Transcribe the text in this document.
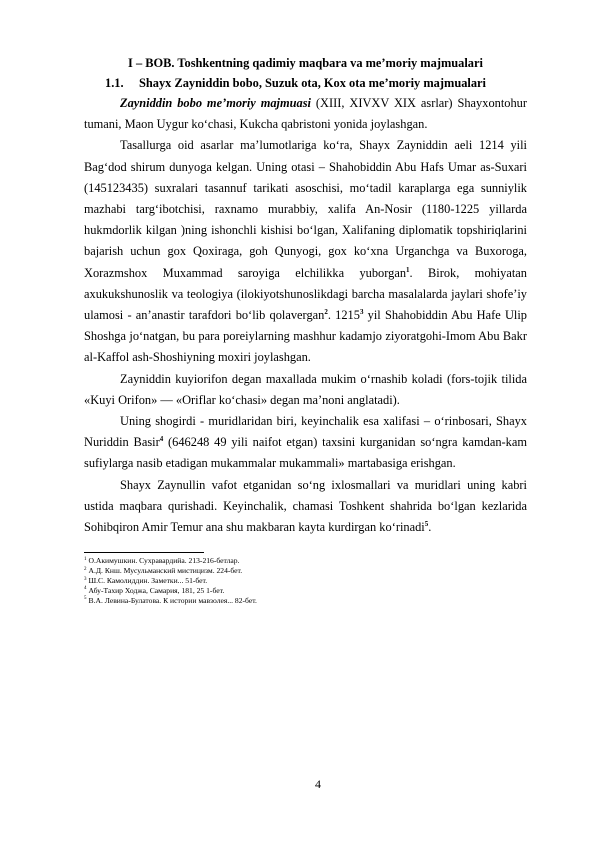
I – BOB. Toshkentning qadimiy maqbara va me’moriy majmualari
1.1. Shayx Zayniddin bobo, Suzuk ota, Kox ota me’moriy majmualari

Zayniddin bobo me’moriy majmuasi (XIII, XIVXV XIX asrlar) Shayxontohur tumani, Maon Uygur ko‘chasi, Kukcha qabristoni yonida joylashgan.

Tasallurga oid asarlar ma’lumotlariga ko‘ra, Shayx Zayniddin aeli 1214 yili Bag‘dod shirum dunyoga kelgan. Uning otasi – Shahobiddin Abu Hafs Umar as-Suxari (145123435) suxralari tasannuf tarikati asoschisi, mo‘tadil karaplarga ega sunniylik mazhabi targ‘ibotchisi, raxnamo murabbiy, xalifa An-Nosir (1180-1225 yillarda hukmdorlik kilgan )ning ishonchli kishisi bo‘lgan, Xalifaning diplomatik topshiriqlarini bajarish uchun gox Qoxiraga, goh Qunyogi, gox ko‘xna Urganchga va Buxoroga, Xorazmshox Muxammad saroyiga elchilikka yuborgan$^1$. Birok, mohiyatan axukukshunoslik va teologiya (ilokiyotshunoslikdagi barcha masalalarda jaylari shofe’iy ulamosi - an’anastir tarafdori bo‘lib qolavergan$^2$. 1215$^3$ yil Shahobiddin Abu Hafe Ulip Shoshga jo‘natgan, bu para poreiylarning mashhur kadamjo ziyoratgohi-Imom Abu Bakr al-Kaffol ash-Shoshiyning moxiri joylashgan.

Zayniddin kuyiorifon degan maxallada mukim o‘rnashib koladi (fors-tojik tilida «Kuyi Orifon» — «Oriflar ko‘chasi» degan ma’noni anglatadi).

Uning shogirdi - muridlaridan biri, keyinchalik esa xalifasi – o‘rinbosari, Shayx Nuriddin Basir$^4$ (646248 49 yili naifot etgan) taxsini kurganidan so‘ngra kamdan-kam sufiylarga nasib etadigan mukammalar mukammali» martabasiga erishgan.

Shayx Zaynullin vafot etganidan so‘ng ixlosmallari va muridlari uning kabri ustida maqbara qurishadi. Keyinchalik, chamasi Toshkent shahrida bo‘lgan kezlarida Sohibqiron Amir Temur ana shu makbaran kayta kurdirgan ko‘rinadi$^5$.

$^1$ О.Акимушкин. Сухравардийа. 213-216-бетлар.
$^2$ А.Д. Кнш. Мусульманский мистицизм. 224-бет.
$^3$ Ш.С. Камолиддин. Заметки... 51-бет.
$^4$ Абу-Тахир Ходжа, Самария, 181, 25 1-бет.
$^5$ В.А. Левина-Булатова. К истории мавзолея... 82-бет.
4
